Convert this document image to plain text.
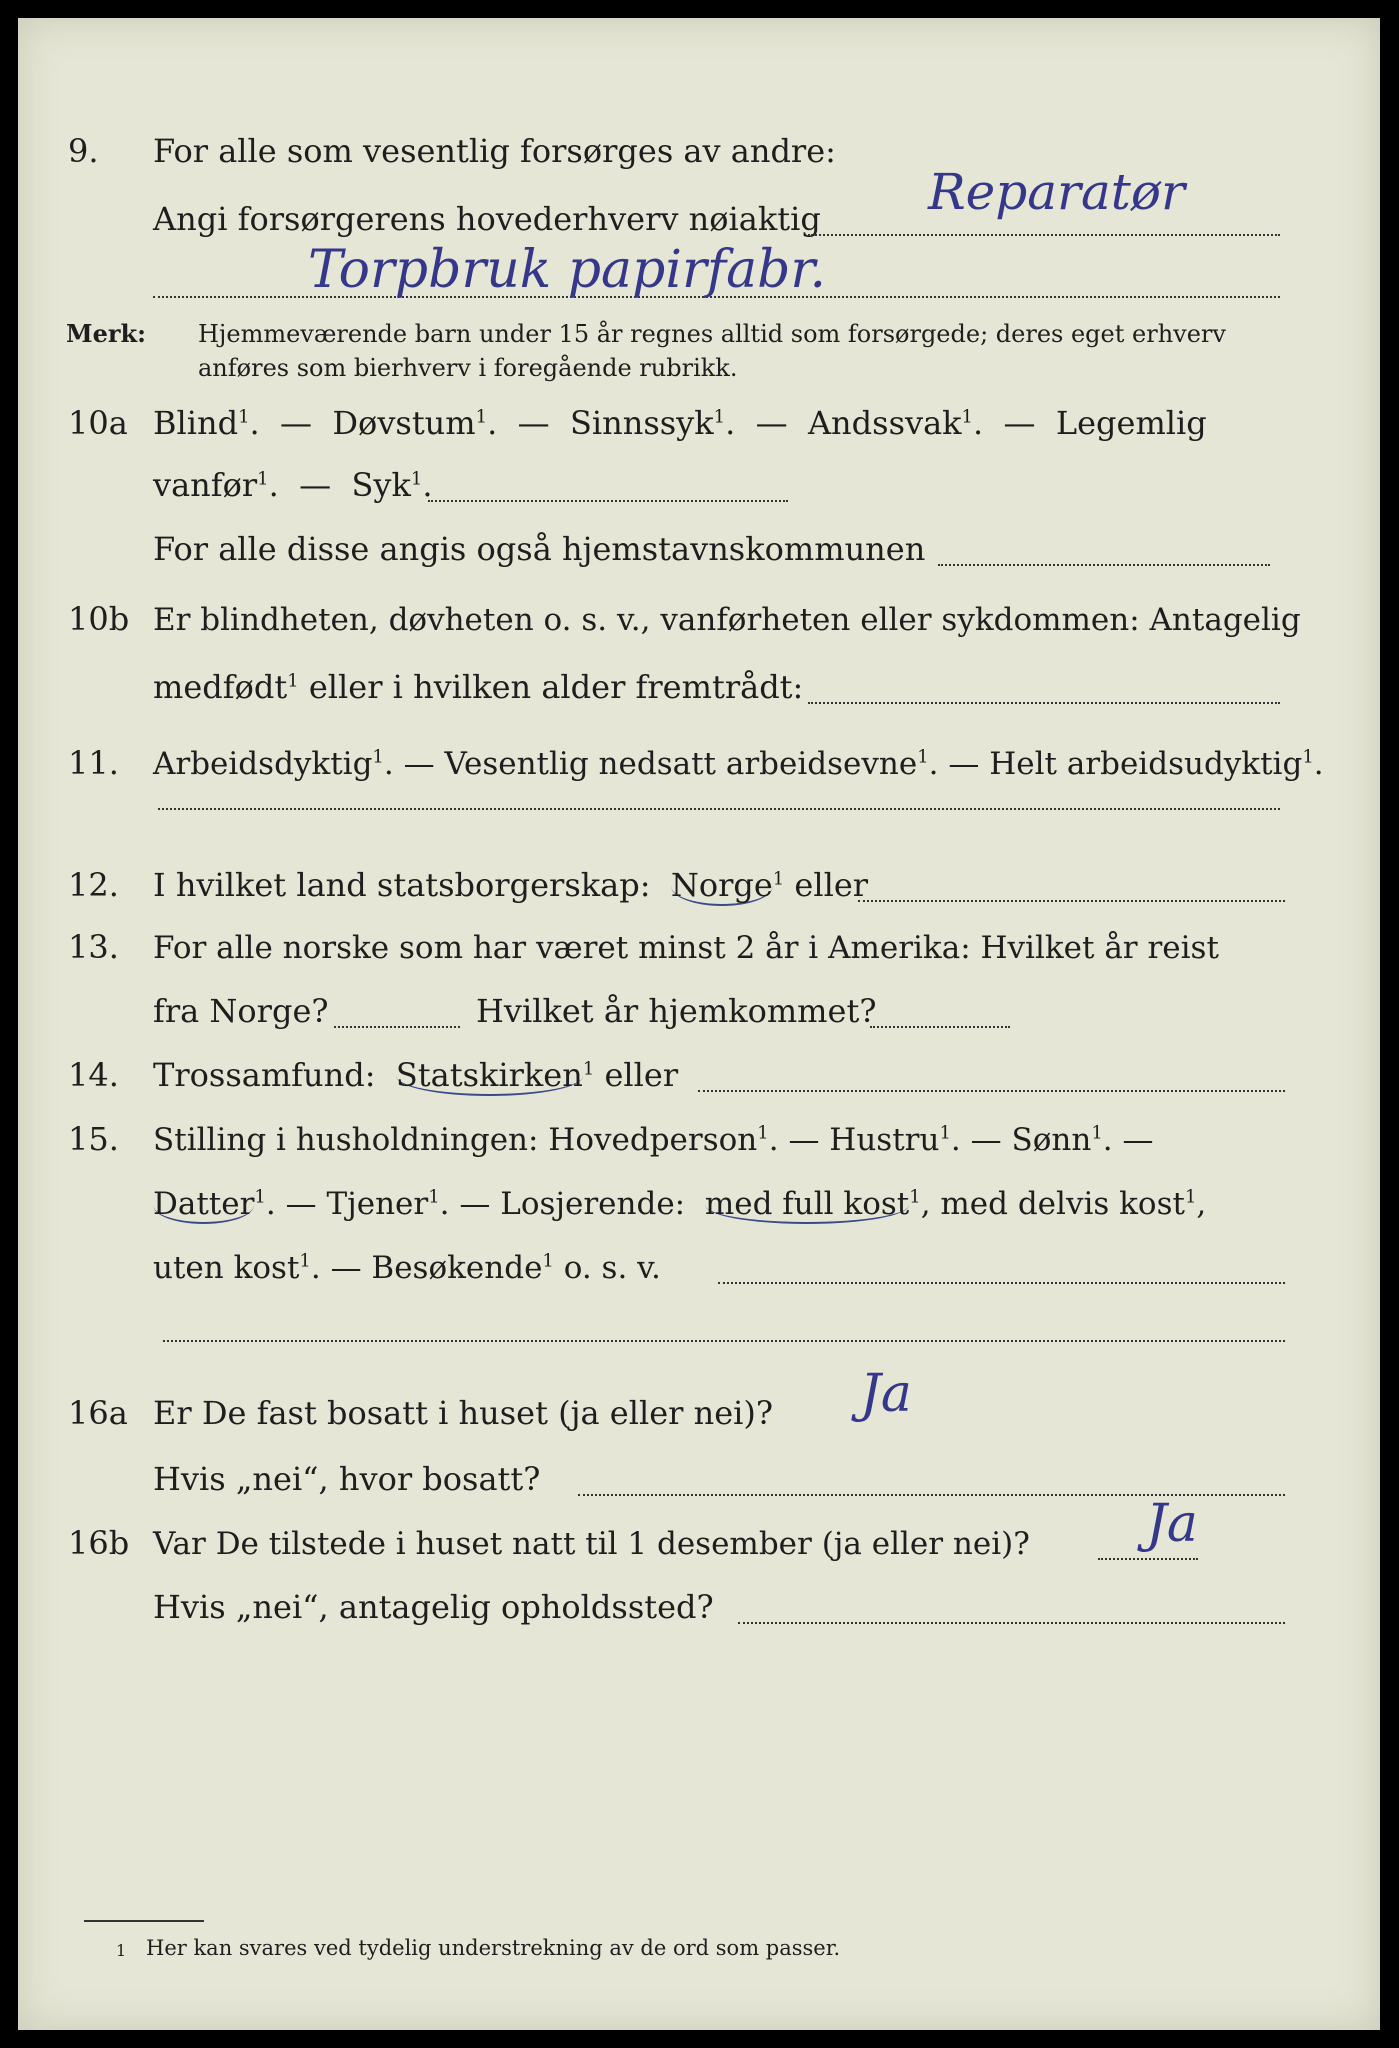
9. For alle som vesentlig forsørges av andre:
Angi forsørgerens hovederhverv nøiaktig Reparatør
Torpbruk papirfabr.
Merk: Hjemmeværende barn under 15 år regnes alltid som forsørgede; deres eget erhverv
anføres som bierhverv i foregående rubrikk.
10a Blind$^1$. — Døvstum$^1$. — Sinnssyk$^1$. — Andssvak$^1$. — Legemlig
vanfør$^1$. — Syk$^1$.
For alle disse angis også hjemstavnskommunen
10b Er blindheten, døvheten o. s. v., vanførheten eller sykdommen: Antagelig
medfødt$^1$ eller i hvilken alder fremtrådt:
11. Arbeidsdyktig$^1$. — Vesentlig nedsatt arbeidsevne$^1$. — Helt arbeidsudyktig$^1$.
12. I hvilket land statsborgerskap: Norge$^1$ eller
13. For alle norske som har været minst 2 år i Amerika: Hvilket år reist
fra Norge?	Hvilket år hjemkommet?
14. Trossamfund: Statskirken$^1$ eller
15. Stilling i husholdningen: Hovedperson$^1$. — Hustru$^1$. — Sønn$^1$. —
Datter$^1$. — Tjener$^1$. — Losjerende: med full kost$^1$, med delvis kost$^1$,
uten kost$^1$. — Besøkende$^1$ o. s. v.
16a Er De fast bosatt i huset (ja eller nei)? Ja
Hvis „nei“, hvor bosatt?
16b Var De tilstede i huset natt til 1 desember (ja eller nei)? Ja
Hvis „nei“, antagelig opholdssted?
1 Her kan svares ved tydelig understrekning av de ord som passer.
